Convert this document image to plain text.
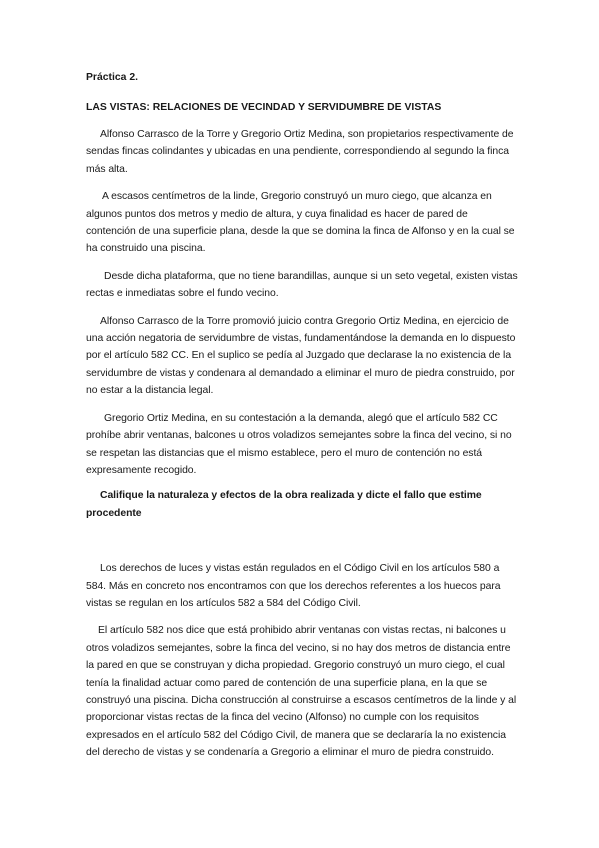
Práctica 2.
LAS VISTAS: RELACIONES DE VECINDAD Y SERVIDUMBRE DE VISTAS

Alfonso Carrasco de la Torre y Gregorio Ortiz Medina, son propietarios respectivamente de sendas fincas colindantes y ubicadas en una pendiente, correspondiendo al segundo la finca más alta.

A escasos centímetros de la linde, Gregorio construyó un muro ciego, que alcanza en algunos puntos dos metros y medio de altura, y cuya finalidad es hacer de pared de contención de una superficie plana, desde la que se domina la finca de Alfonso y en la cual se ha construido una piscina.

Desde dicha plataforma, que no tiene barandillas, aunque si un seto vegetal, existen vistas rectas e inmediatas sobre el fundo vecino.

Alfonso Carrasco de la Torre promovió juicio contra Gregorio Ortiz Medina, en ejercicio de una acción negatoria de servidumbre de vistas, fundamentándose la demanda en lo dispuesto por el artículo 582 CC. En el suplico se pedía al Juzgado que declarase la no existencia de la servidumbre de vistas y condenara al demandado a eliminar el muro de piedra construido, por no estar a la distancia legal.

Gregorio Ortiz Medina, en su contestación a la demanda, alegó que el artículo 582 CC prohíbe abrir ventanas, balcones u otros voladizos semejantes sobre la finca del vecino, si no se respetan las distancias que el mismo establece, pero el muro de contención no está expresamente recogido.

Califique la naturaleza y efectos de la obra realizada y dicte el fallo que estime procedente

Los derechos de luces y vistas están regulados en el Código Civil en los artículos 580 a 584. Más en concreto nos encontramos con que los derechos referentes a los huecos para vistas se regulan en los artículos 582 a 584 del Código Civil.

El artículo 582 nos dice que está prohibido abrir ventanas con vistas rectas, ni balcones u otros voladizos semejantes, sobre la finca del vecino, si no hay dos metros de distancia entre la pared en que se construyan y dicha propiedad. Gregorio construyó un muro ciego, el cual tenía la finalidad actuar como pared de contención de una superficie plana, en la que se construyó una piscina. Dicha construcción al construirse a escasos centímetros de la linde y al proporcionar vistas rectas de la finca del vecino (Alfonso) no cumple con los requisitos expresados en el artículo 582 del Código Civil, de manera que se declararía la no existencia del derecho de vistas y se condenaría a Gregorio a eliminar el muro de piedra construido.
